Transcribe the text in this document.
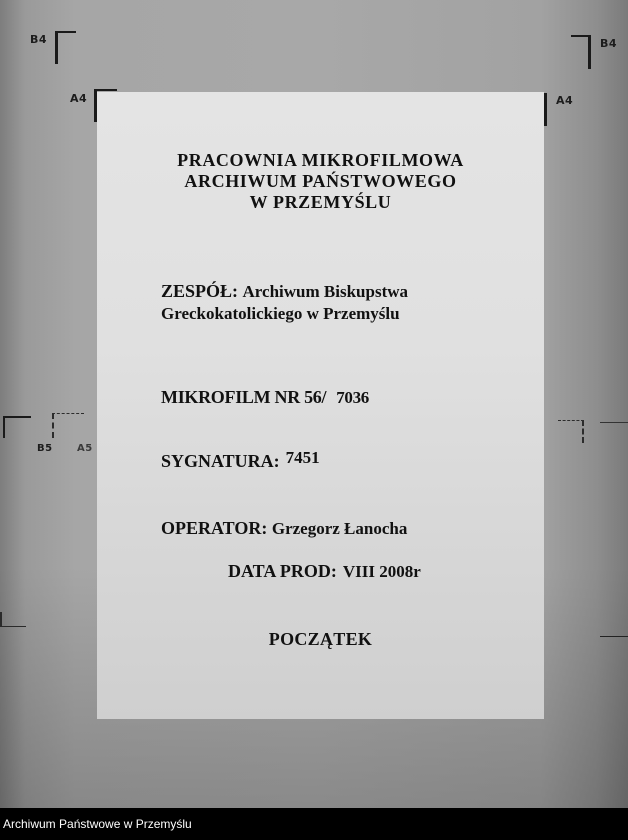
B4	B4
A4	A4
B5 A5
PRACOWNIA MIKROFILMOWA
ARCHIWUM PAŃSTWOWEGO
W PRZEMYŚLU
ZESPÓŁ: Archiwum Biskupstwa
Greckokatolickiego w Przemyślu
MIKROFILM NR 56/ 7036
SYGNATURA: 7451
OPERATOR: Grzegorz Łanocha
DATA PROD: VIII 2008r
POCZĄTEK
Archiwum Państwowe w Przemyślu
